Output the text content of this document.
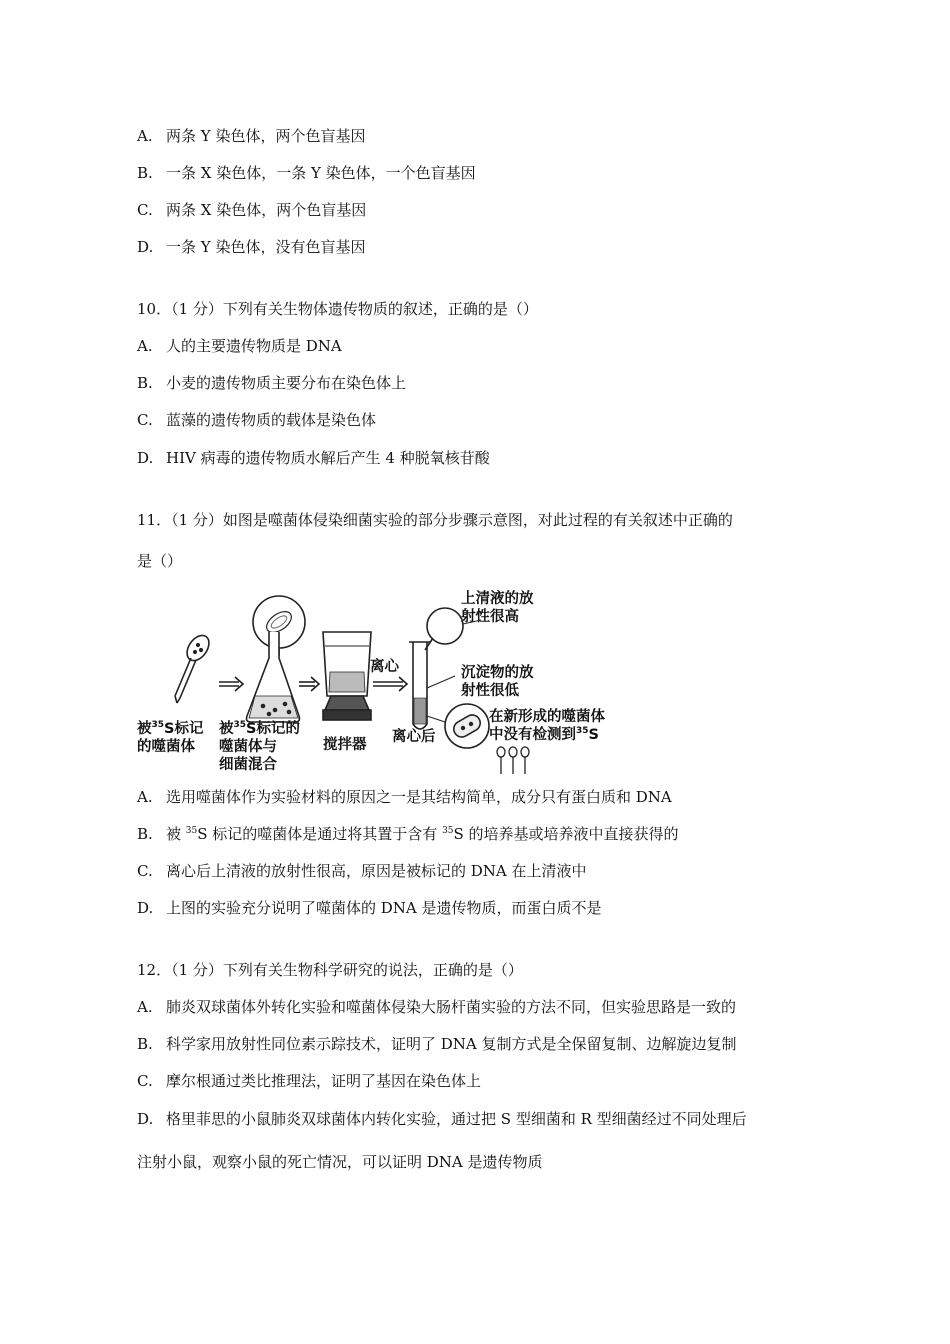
A. 两条 Y 染色体，两个色盲基因
B. 一条 X 染色体，一条 Y 染色体，一个色盲基因
C. 两条 X 染色体，两个色盲基因
D. 一条 Y 染色体，没有色盲基因
10．（1 分）下列有关生物体遗传物质的叙述，正确的是（）
A. 人的主要遗传物质是 DNA
B. 小麦的遗传物质主要分布在染色体上
C. 蓝藻的遗传物质的载体是染色体
D. HIV 病毒的遗传物质水解后产生 4 种脱氧核苷酸
11．（1 分）如图是噬菌体侵染细菌实验的部分步骤示意图，对此过程的有关叙述中正确的
是（）
被$^{35}$S标记
的噬菌体
被$^{35}$S标记的
噬菌体与
细菌混合
搅拌器
离心
离心后
上清液的放
射性很高
沉淀物的放
射性很低
在新形成的噬菌体
中没有检测到$^{35}$S
A. 选用噬菌体作为实验材料的原因之一是其结构简单，成分只有蛋白质和 DNA
B. 被 $^{35}$S 标记的噬菌体是通过将其置于含有 $^{35}$S 的培养基或培养液中直接获得的
C. 离心后上清液的放射性很高，原因是被标记的 DNA 在上清液中
D. 上图的实验充分说明了噬菌体的 DNA 是遗传物质，而蛋白质不是
12．（1 分）下列有关生物科学研究的说法，正确的是（）
A. 肺炎双球菌体外转化实验和噬菌体侵染大肠杆菌实验的方法不同，但实验思路是一致的
B. 科学家用放射性同位素示踪技术，证明了 DNA 复制方式是全保留复制、边解旋边复制
C. 摩尔根通过类比推理法，证明了基因在染色体上
D. 格里菲思的小鼠肺炎双球菌体内转化实验，通过把 S 型细菌和 R 型细菌经过不同处理后
注射小鼠，观察小鼠的死亡情况，可以证明 DNA 是遗传物质
